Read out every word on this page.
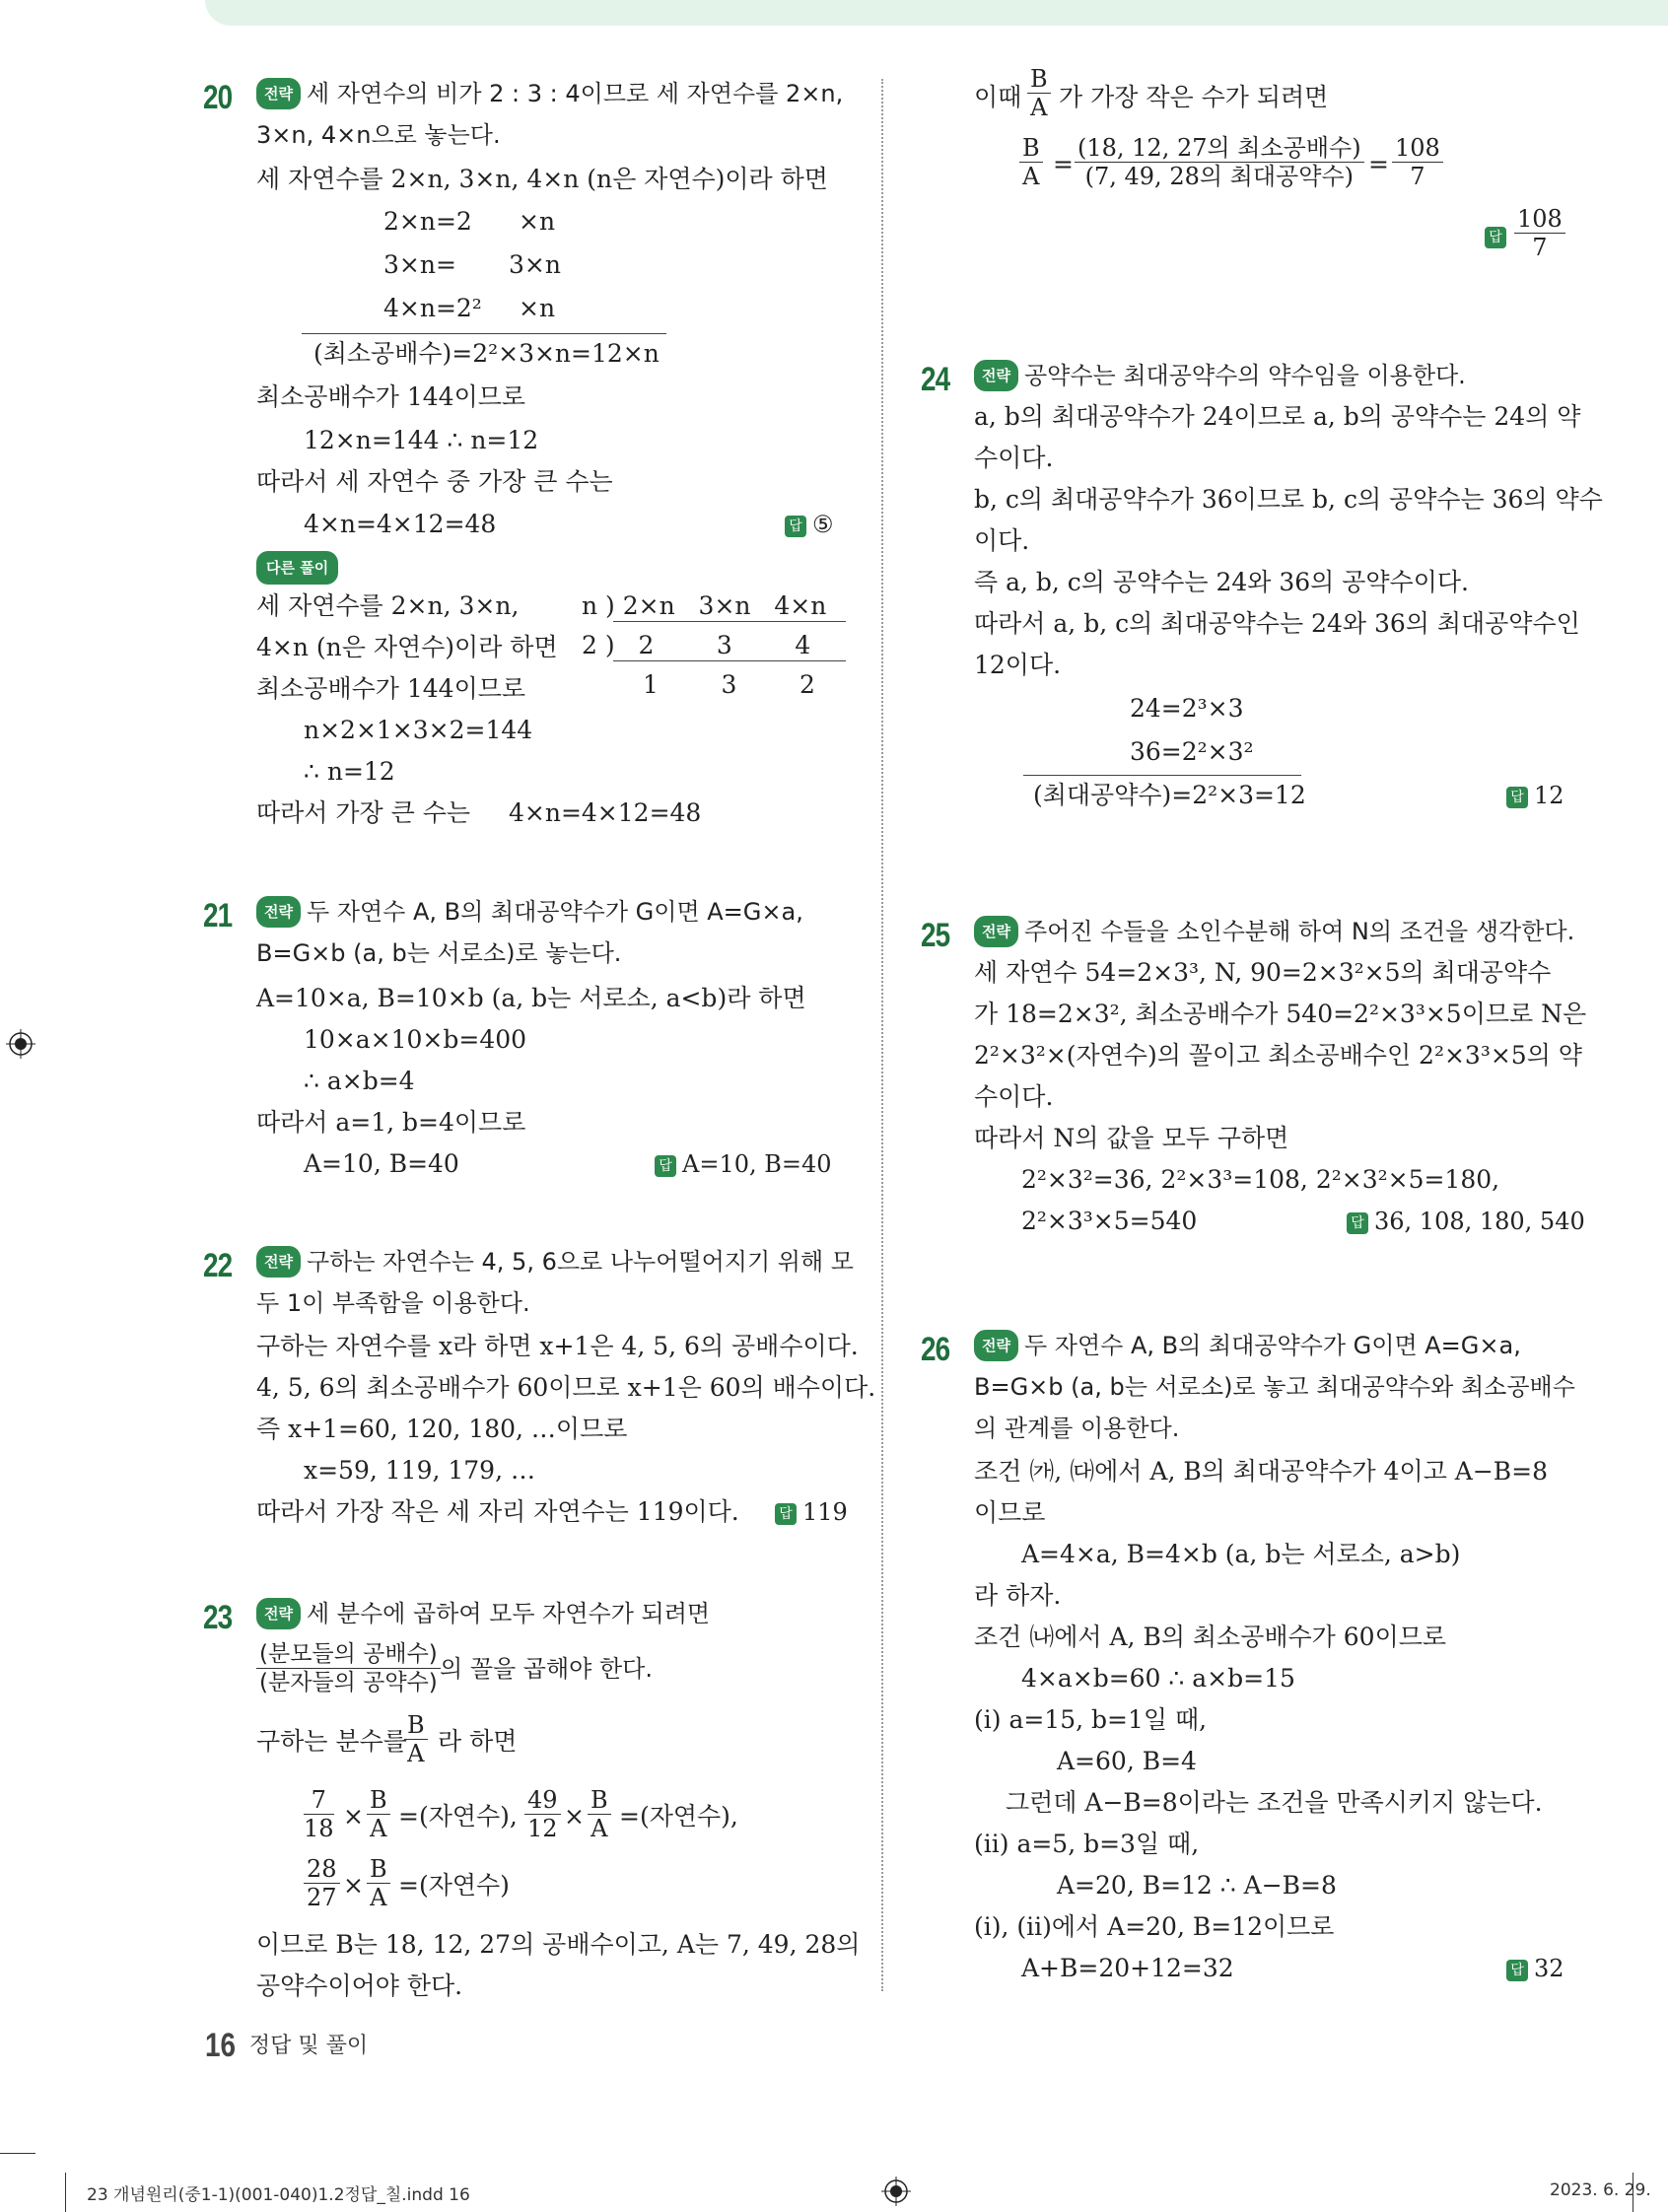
20	전략 세 자연수의 비가 2 : 3 : 4이므로 세 자연수를 2×n,
3×n, 4×n으로 놓는다.
세 자연수를 2×n, 3×n, 4×n (n은 자연수)이라 하면
2×n=2 ×n
3×n= 3×n
4×n=2² ×n
(최소공배수)=2²×3×n=12×n
최소공배수가 144이므로
12×n=144 ∴ n=12
따라서 세 자연수 중 가장 큰 수는
4×n=4×12=48	답 ⑤
다른 풀이
세 자연수를 2×n, 3×n,
4×n (n은 자연수)이라 하면
최소공배수가 144이므로
n×2×1×3×2=144
∴ n=12
따라서 가장 큰 수는 4×n=4×12=48
n ) 2×n   3×n   4×n
2 )   2        3        4
1        3        2
21	전략 두 자연수 A, B의 최대공약수가 G이면 A=G×a,
B=G×b (a, b는 서로소)로 놓는다.
A=10×a, B=10×b (a, b는 서로소, a<b)라 하면
10×a×10×b=400
∴ a×b=4
따라서 a=1, b=4이므로
A=10, B=40	답 A=10, B=40
22	전략 구하는 자연수는 4, 5, 6으로 나누어떨어지기 위해 모
두 1이 부족함을 이용한다.
구하는 자연수를 x라 하면 x+1은 4, 5, 6의 공배수이다.
4, 5, 6의 최소공배수가 60이므로 x+1은 60의 배수이다.
즉 x+1=60, 120, 180, …이므로
x=59, 119, 179, …
따라서 가장 작은 세 자리 자연수는 119이다.	답 119
23	전략 세 분수에 곱하여 모두 자연수가 되려면
(분모들의 공배수)
(분자들의 공약수) 의 꼴을 곱해야 한다.
구하는 분수를
$\frac{B}{A}$ 라 하면
$\frac{7}{18} \times \frac{B}{A}$ =(자연수), $\frac{49}{12} \times \frac{B}{A}$ =(자연수),
$\frac{28}{27} \times \frac{B}{A}$ =(자연수)
이므로 B는 18, 12, 27의 공배수이고, A는 7, 49, 28의
공약수이어야 한다.
이때 $\frac{B}{A}$ 가 가장 작은 수가 되려면
$\frac{B}{A}$ =
(18, 12, 27의 최소공배수)
(7, 49, 28의 최대공약수) = $\frac{108}{7}$
답 $\frac{108}{7}$
24	전략 공약수는 최대공약수의 약수임을 이용한다.
a, b의 최대공약수가 24이므로 a, b의 공약수는 24의 약
수이다.
b, c의 최대공약수가 36이므로 b, c의 공약수는 36의 약수
이다.
즉 a, b, c의 공약수는 24와 36의 공약수이다.
따라서 a, b, c의 최대공약수는 24와 36의 최대공약수인
12이다.
24=2³×3
36=2²×3²
(최대공약수)=2²×3=12	답 12
25	전략 주어진 수들을 소인수분해 하여 N의 조건을 생각한다.
세 자연수 54=2×3³, N, 90=2×3²×5의 최대공약수
가 18=2×3², 최소공배수가 540=2²×3³×5이므로 N은
2²×3²×(자연수)의 꼴이고 최소공배수인 2²×3³×5의 약
수이다.
따라서 N의 값을 모두 구하면
2²×3²=36, 2²×3³=108, 2²×3²×5=180,
2²×3³×5=540	답 36, 108, 180, 540
26	전략 두 자연수 A, B의 최대공약수가 G이면 A=G×a,
B=G×b (a, b는 서로소)로 놓고 최대공약수와 최소공배수
의 관계를 이용한다.
조건 ㈎, ㈐에서 A, B의 최대공약수가 4이고 A−B=8
이므로
A=4×a, B=4×b (a, b는 서로소, a>b)
라 하자.
조건 ㈏에서 A, B의 최소공배수가 60이므로
4×a×b=60 ∴ a×b=15
(ⅰ) a=15, b=1일 때,
A=60, B=4
그런데 A−B=8이라는 조건을 만족시키지 않는다.
(ⅱ) a=5, b=3일 때,
A=20, B=12 ∴ A−B=8
(ⅰ), (ⅱ)에서 A=20, B=12이므로
A+B=20+12=32	답 32
16 정답 및 풀이
23 개념원리(중1-1)(001-040)1.2정답_칠.indd 16	2023. 6. 29.
